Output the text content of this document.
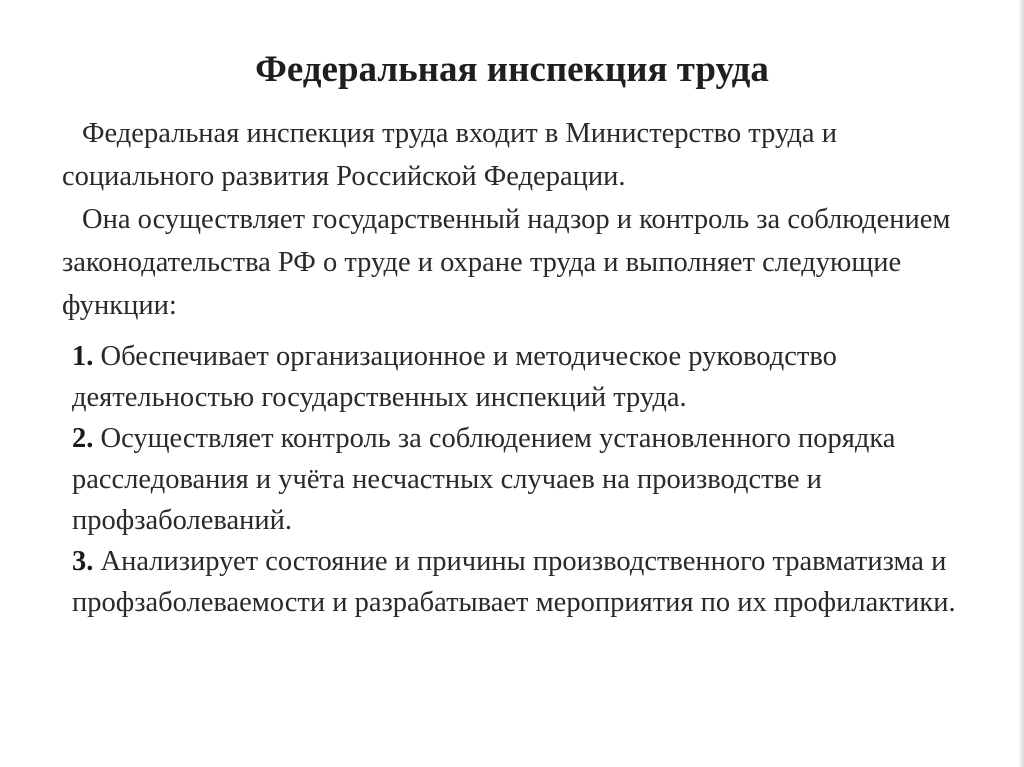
Федеральная инспекция труда

Федеральная инспекция труда входит в Министерство труда и социального развития Российской Федерации.

Она осуществляет государственный надзор и контроль за соблюдением законодательства РФ о труде и охране труда и выполняет следующие функции:

1. Обеспечивает организационное и методическое руководство деятельностью государственных инспекций труда.

2. Осуществляет контроль за соблюдением установленного порядка расследования и учёта несчастных случаев на производстве и профзаболеваний.

3. Анализирует состояние и причины производственного травматизма и профзаболеваемости и разрабатывает мероприятия по их профилактики.
